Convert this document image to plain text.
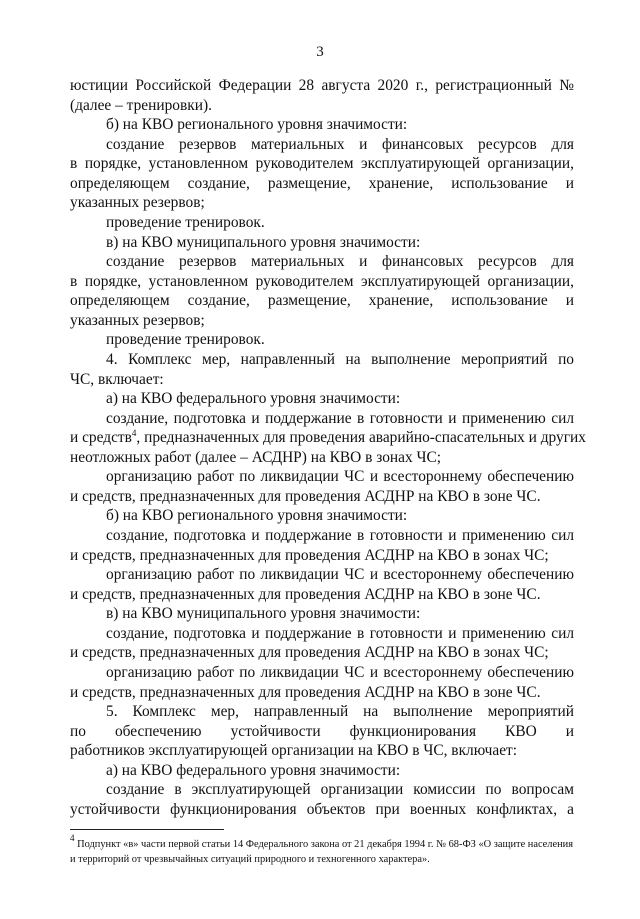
3
юстиции Российской Федерации 28 августа 2020 г., регистрационный №
(далее – тренировки).
б) на КВО регионального уровня значимости:
создание резервов материальных и финансовых ресурсов для
в порядке, установленном руководителем эксплуатирующей организации,
определяющем создание, размещение, хранение, использование и
указанных резервов;
проведение тренировок.
в) на КВО муниципального уровня значимости:
создание резервов материальных и финансовых ресурсов для
в порядке, установленном руководителем эксплуатирующей организации,
определяющем создание, размещение, хранение, использование и
указанных резервов;
проведение тренировок.
4. Комплекс мер, направленный на выполнение мероприятий по
ЧС, включает:
а) на КВО федерального уровня значимости:
создание, подготовка и поддержание в готовности и применению сил
и средств$^4$, предназначенных для проведения аварийно-спасательных и других
неотложных работ (далее – АСДНР) на КВО в зонах ЧС;
организацию работ по ликвидации ЧС и всестороннему обеспечению
и средств, предназначенных для проведения АСДНР на КВО в зоне ЧС.
б) на КВО регионального уровня значимости:
создание, подготовка и поддержание в готовности и применению сил
и средств, предназначенных для проведения АСДНР на КВО в зонах ЧС;
организацию работ по ликвидации ЧС и всестороннему обеспечению
и средств, предназначенных для проведения АСДНР на КВО в зоне ЧС.
в) на КВО муниципального уровня значимости:
создание, подготовка и поддержание в готовности и применению сил
и средств, предназначенных для проведения АСДНР на КВО в зонах ЧС;
организацию работ по ликвидации ЧС и всестороннему обеспечению
и средств, предназначенных для проведения АСДНР на КВО в зоне ЧС.
5. Комплекс мер, направленный на выполнение мероприятий
по обеспечению устойчивости функционирования КВО и
работников эксплуатирующей организации на КВО в ЧС, включает:
а) на КВО федерального уровня значимости:
создание в эксплуатирующей организации комиссии по вопросам
устойчивости функционирования объектов при военных конфликтах, а
$^4$ Подпункт «в» части первой статьи 14 Федерального закона от 21 декабря 1994 г. № 68-ФЗ «О защите населения
и территорий от чрезвычайных ситуаций природного и техногенного характера».
